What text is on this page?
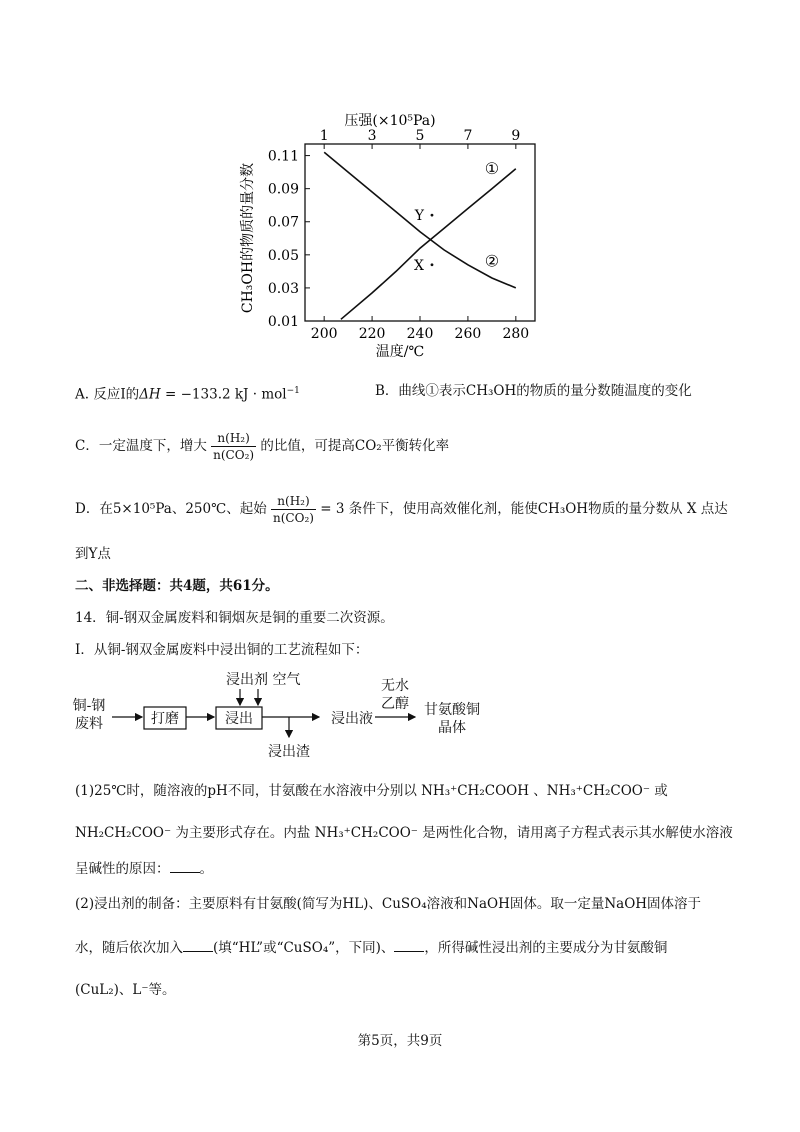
压强(×10⁵Pa)
200 220 240 260 280
1	3	5	7	9
0.11
0.09
0.07
0.05
0.03
0.01
①
②
Y
X
温度/℃
CH₃OH的物质的量分数
A. 反应I的ΔH = −133.2 kJ · mol$^{-1}$	B．曲线①表示CH₃OH的物质的量分数随温度的变化
C．一定温度下，增大 $\frac{\text{n(H₂)}}{\text{n(CO₂)}}$ 的比值，可提高CO₂平衡转化率
D．在5×10⁵Pa、250℃、起始 $\frac{\text{n(H₂)}}{\text{n(CO₂)}} = 3$ 条件下，使用高效催化剂，能使CH₃OH物质的量分数从 X 点达
到Y点
二、非选择题：共4题，共61分。
14．铜-钢双金属废料和铜烟灰是铜的重要二次资源。
I．从铜-钢双金属废料中浸出铜的工艺流程如下：
铜-钢
废料	打磨
浸出剂 空气
浸出
浸出渣
浸出液
无水
乙醇 甘氨酸铜
晶体
(1)25℃时，随溶液的pH不同，甘氨酸在水溶液中分别以 NH₃⁺CH₂COOH 、NH₃⁺CH₂COO⁻ 或
NH₂CH₂COO⁻ 为主要形式存在。内盐 NH₃⁺CH₂COO⁻ 是两性化合物，请用离子方程式表示其水解使水溶液
呈碱性的原因： 。
(2)浸出剂的制备：主要原料有甘氨酸(简写为HL)、CuSO₄溶液和NaOH固体。取一定量NaOH固体溶于
水，随后依次加入 (填“HL”或“CuSO₄”，下同)、 ，所得碱性浸出剂的主要成分为甘氨酸铜
(CuL₂)、L⁻等。
第5页，共9页
